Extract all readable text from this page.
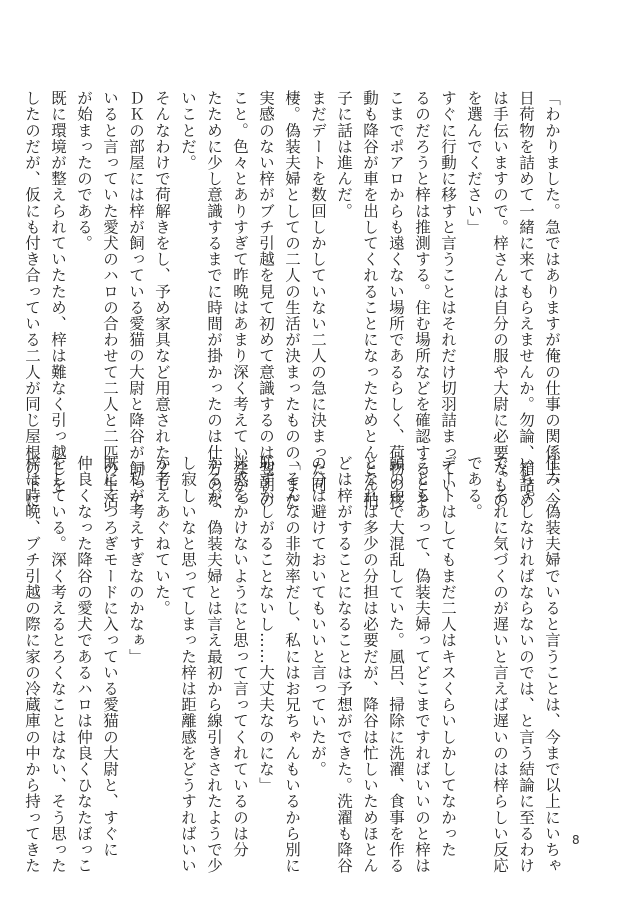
「わかりました。急ではありますが俺の仕事の関係上、今
日荷物を詰めて一緒に来てもらえませんか。勿論、箱詰め
は手伝いますので。梓さんは自分の服や大尉に必要なもの
を選んでください」
すぐに行動に移すと言うことはそれだけ切羽詰まってい
るのだろうと梓は推測する。住む場所などを確認するとそ
こまでポアロからも遠くない場所であるらしく、荷物の移
動も降谷が車を出してくれることになったためとんとん拍
子に話は進んだ。
まだデートを数回しかしていない二人の急に決まった同
棲。偽装夫婦としての二人の生活が決まったものの、まだ
実感のない梓がブチ引越を見て初めて意識するのは翌朝の
こと。色々とありすぎて昨晩はあまり深く考えていなかっ
たために少し意識するまでに時間が掛かったのは仕方のな
いことだ。
そんなわけで荷解きをし、予め家具など用意された２Ｌ
ＤＫの部屋には梓が飼っている愛猫の大尉と降谷が飼って
いると言っていた愛犬のハロの合わせて二人と二匹の生活
が始まったのである。
既に環境が整えられていたため、梓は難なく引っ越しを
したのだが、仮にも付き合っている二人が同じ屋根の下に
住み、偽装夫婦でいると言うことは、今まで以上にいちゃ
いちゃしなければならないのでは、と言う結論に至るわけ
で。それに気づくのが遅いと言えば遅いのは梓らしい反応
である。
デートはしてもまだ二人はキスくらいしかしてなかった
こともあって、偽装夫婦ってどこまですればいいのと梓は
頭の中で大混乱していた。風呂、掃除に洗濯、食事を作る
となれば多少の分担は必要だが、降谷は忙しいためほとん
どは梓がすることになることは予想ができた。洗濯も降谷
の分は避けておいてもいいと言っていたが。
「そんなの非効率だし、私にはお兄ちゃんもいるから別に
恥ずかしがることないし……大丈夫なのにな」
迷惑をかけないようにと思って言ってくれているのは分
かるが、偽装夫婦とは言え最初から線引きされたようで少
し寂しいなと思ってしまった梓は距離感をどうすればいい
か考えあぐねていた。
「私が考えすぎなのかなぁ」
既にくつろぎモードに入っている愛猫の大尉と、すぐに
仲良くなった降谷の愛犬であるハロは仲良くひなたぼっこ
をしている。深く考えるとろくなことはない、そう思った
梓は時晩、ブチ引越の際に家の冷蔵庫の中から持ってきた	8
